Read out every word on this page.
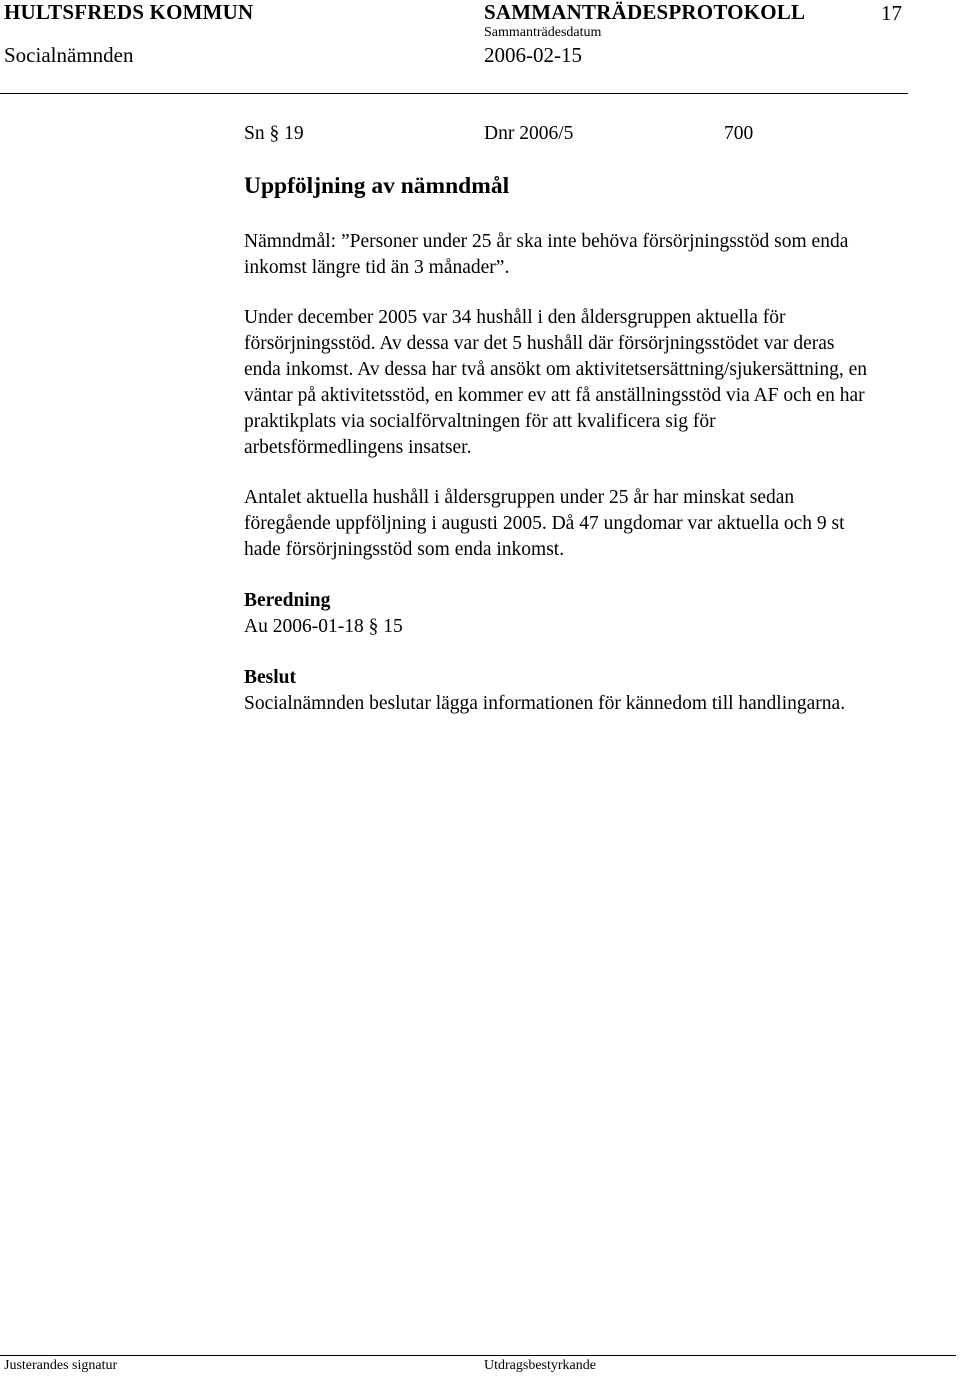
HULTSFREDS KOMMUN	SAMMANTRÄDESPROTOKOLL	17
Sammanträdesdatum
Socialnämnden	2006-02-15
Sn § 19	Dnr 2006/5	700
Uppföljning av nämndmål
Nämndmål: ”Personer under 25 år ska inte behöva försörjningsstöd som enda
inkomst längre tid än 3 månader”.
Under december 2005 var 34 hushåll i den åldersgruppen aktuella för
försörjningsstöd. Av dessa var det 5 hushåll där försörjningsstödet var deras
enda inkomst. Av dessa har två ansökt om aktivitetsersättning/sjukersättning, en
väntar på aktivitetsstöd, en kommer ev att få anställningsstöd via AF och en har
praktikplats via socialförvaltningen för att kvalificera sig för
arbetsförmedlingens insatser.
Antalet aktuella hushåll i åldersgruppen under 25 år har minskat sedan
föregående uppföljning i augusti 2005. Då 47 ungdomar var aktuella och 9 st
hade försörjningsstöd som enda inkomst.
Beredning
Au 2006-01-18 § 15
Beslut
Socialnämnden beslutar lägga informationen för kännedom till handlingarna.
Justerandes signatur	Utdragsbestyrkande
